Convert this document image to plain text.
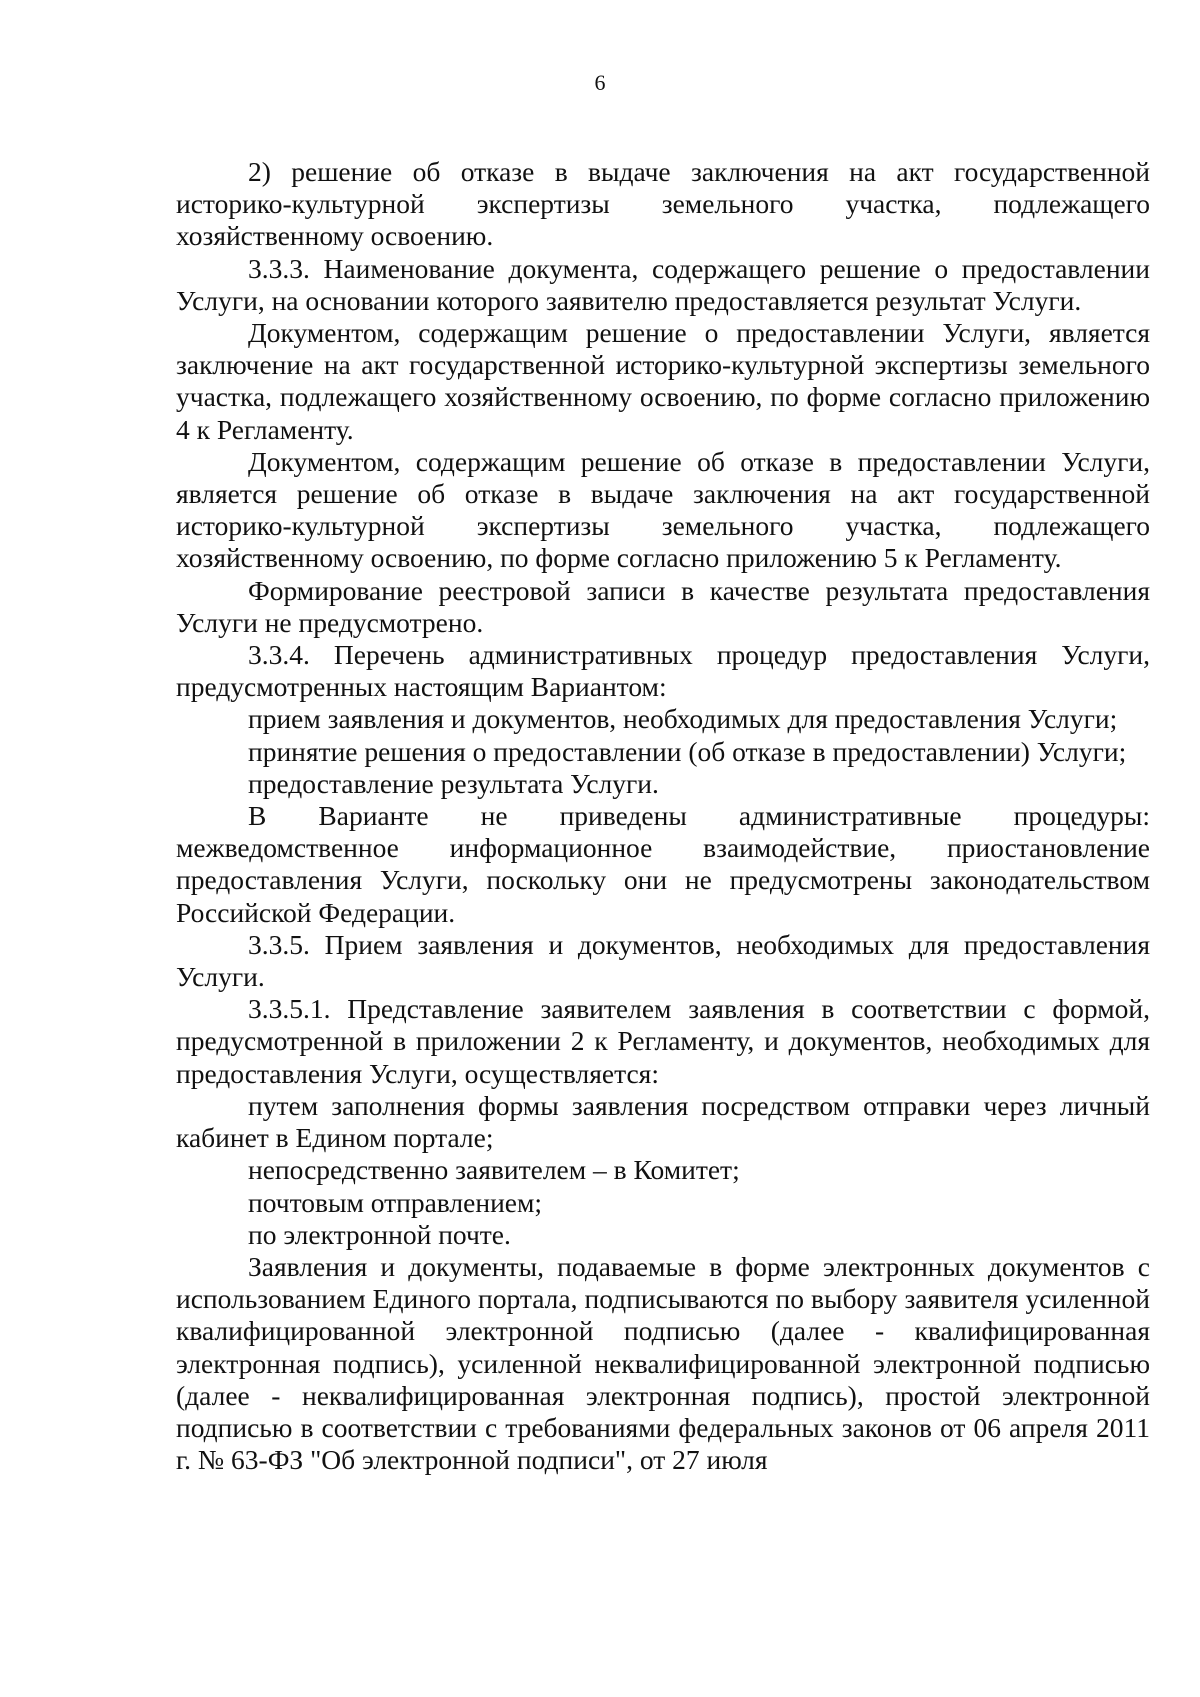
6

2) решение об отказе в выдаче заключения на акт государственной историко-культурной экспертизы земельного участка, подлежащего хозяйственному освоению.

3.3.3. Наименование документа, содержащего решение о предоставлении Услуги, на основании которого заявителю предоставляется результат Услуги.

Документом, содержащим решение о предоставлении Услуги, является заключение на акт государственной историко-культурной экспертизы земельного участка, подлежащего хозяйственному освоению, по форме согласно приложению 4 к Регламенту.

Документом, содержащим решение об отказе в предоставлении Услуги, является решение об отказе в выдаче заключения на акт государственной историко-культурной экспертизы земельного участка, подлежащего хозяйственному освоению, по форме согласно приложению 5 к Регламенту.

Формирование реестровой записи в качестве результата предоставления Услуги не предусмотрено.

3.3.4. Перечень административных процедур предоставления Услуги, предусмотренных настоящим Вариантом:

прием заявления и документов, необходимых для предоставления Услуги;

принятие решения о предоставлении (об отказе в предоставлении) Услуги;

предоставление результата Услуги.

В Варианте не приведены административные процедуры: межведомственное информационное взаимодействие, приостановление предоставления Услуги, поскольку они не предусмотрены законодательством Российской Федерации.

3.3.5. Прием заявления и документов, необходимых для предоставления Услуги.

3.3.5.1. Представление заявителем заявления в соответствии с формой, предусмотренной в приложении 2 к Регламенту, и документов, необходимых для предоставления Услуги, осуществляется:

путем заполнения формы заявления посредством отправки через личный кабинет в Едином портале;

непосредственно заявителем – в Комитет;

почтовым отправлением;

по электронной почте.

Заявления и документы, подаваемые в форме электронных документов с использованием Единого портала, подписываются по выбору заявителя усиленной квалифицированной электронной подписью (далее - квалифицированная электронная подпись), усиленной неквалифицированной электронной подписью (далее - неквалифицированная электронная подпись), простой электронной подписью в соответствии с требованиями федеральных законов от 06 апреля 2011 г. № 63-ФЗ "Об электронной подписи", от 27 июля
